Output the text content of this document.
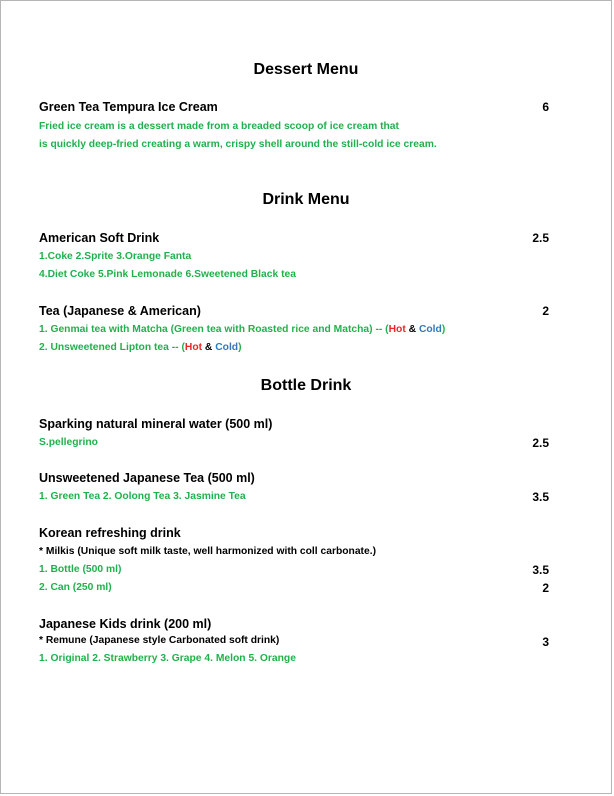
Dessert Menu
Green Tea Tempura Ice Cream	6
Fried ice cream is a dessert made from a breaded scoop of ice cream that
is quickly deep-fried creating a warm, crispy shell around the still-cold ice cream.
Drink Menu
American Soft Drink	2.5
1.Coke 2.Sprite 3.Orange Fanta
4.Diet Coke 5.Pink Lemonade 6.Sweetened Black tea
Tea (Japanese & American)	2
1. Genmai tea with Matcha (Green tea with Roasted rice and Matcha) -- (Hot & Cold)
2. Unsweetened Lipton tea -- (Hot & Cold)
Bottle Drink
Sparking natural mineral water (500 ml)
S.pellegrino	2.5
Unsweetened Japanese Tea (500 ml)
1. Green Tea 2. Oolong Tea 3. Jasmine Tea	3.5
Korean refreshing drink
* Milkis (Unique soft milk taste, well harmonized with coll carbonate.)
1. Bottle (500 ml)	3.5
2. Can (250 ml)	2
Japanese Kids drink (200 ml)
* Remune (Japanese style Carbonated soft drink)	3
1. Original 2. Strawberry 3. Grape 4. Melon 5. Orange
